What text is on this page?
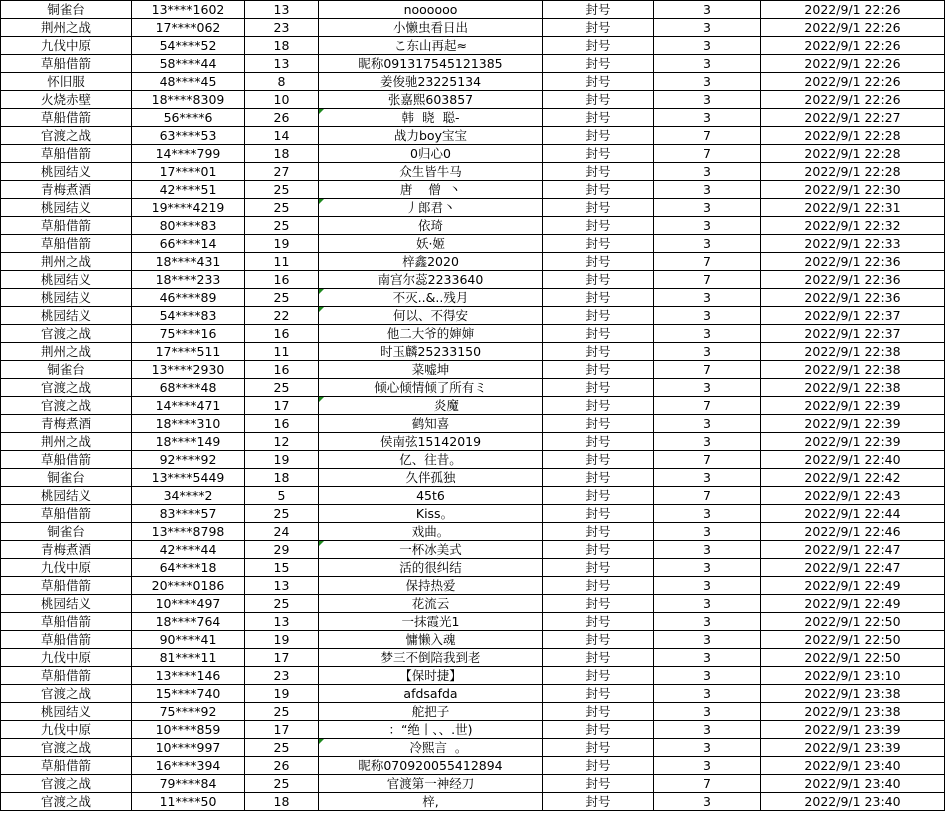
铜雀台	13****1602	13	noooooo	封号	3	2022/9/1 22:26
荆州之战	17****062	23	小懒虫看日出	封号	3	2022/9/1 22:26
九伐中原	54****52	18	こ东山再起≈	封号	3	2022/9/1 22:26
草船借箭	58****44	13	昵称091317545121385	封号	3	2022/9/1 22:26
怀旧服	48****45	8	姜俊驰23225134	封号	3	2022/9/1 22:26
火烧赤壁	18****8309	10	张嘉熙603857	封号	3	2022/9/1 22:26
草船借箭	56****6	26	韩  晓  聪-	封号	3	2022/9/1 22:27
官渡之战	63****53	14	战力boy宝宝	封号	7	2022/9/1 22:28
草船借箭	14****799	18	0归心0	封号	7	2022/9/1 22:28
桃园结义	17****01	27	众生皆牛马	封号	3	2022/9/1 22:28
青梅煮酒	42****51	25	唐    僧  丶	封号	3	2022/9/1 22:30
桃园结义	19****4219	25	丿郎君丶	封号	3	2022/9/1 22:31
草船借箭	80****83	25	依琦	封号	3	2022/9/1 22:32
草船借箭	66****14	19	妖·姬	封号	3	2022/9/1 22:33
荆州之战	18****431	11	梓鑫2020	封号	7	2022/9/1 22:36
桃园结义	18****233	16	南宫尔蕊2233640	封号	7	2022/9/1 22:36
桃园结义	46****89	25	不灭..&..残月	封号	3	2022/9/1 22:36
桃园结义	54****83	22	何以、不得安	封号	3	2022/9/1 22:37
官渡之战	75****16	16	他二大爷的婶婶	封号	3	2022/9/1 22:37
荆州之战	17****511	11	时玉麟25233150	封号	3	2022/9/1 22:38
铜雀台	13****2930	16	菜嘘坤	封号	7	2022/9/1 22:38
官渡之战	68****48	25	倾心倾情倾了所有ミ	封号	3	2022/9/1 22:38
官渡之战	14****471	17	炎魔	封号	7	2022/9/1 22:39
青梅煮酒	18****310	16	鹤知喜	封号	3	2022/9/1 22:39
荆州之战	18****149	12	侯南弦15142019	封号	3	2022/9/1 22:39
草船借箭	92****92	19	亿、往昔。	封号	7	2022/9/1 22:40
铜雀台	13****5449	18	久伴孤独	封号	3	2022/9/1 22:42
桃园结义	34****2	5	45t6	封号	7	2022/9/1 22:43
草船借箭	83****57	25	Kiss。	封号	3	2022/9/1 22:44
铜雀台	13****8798	24	戏曲。	封号	3	2022/9/1 22:46
青梅煮酒	42****44	29	一杯冰美式	封号	3	2022/9/1 22:47
九伐中原	64****18	15	活的很纠结	封号	3	2022/9/1 22:47
草船借箭	20****0186	13	保持热爱	封号	3	2022/9/1 22:49
桃园结义	10****497	25	花流云	封号	3	2022/9/1 22:49
草船借箭	18****764	13	一抹霞光1	封号	3	2022/9/1 22:50
草船借箭	90****41	19	慵懒入魂	封号	3	2022/9/1 22:50
九伐中原	81****11	17	梦三不倒陪我到老	封号	3	2022/9/1 22:50
草船借箭	13****146	23	【保时捷】	封号	3	2022/9/1 23:10
官渡之战	15****740	19	afdsafda	封号	3	2022/9/1 23:38
桃园结义	75****92	25	舵把子	封号	3	2022/9/1 23:38
九伐中原	10****859	17	：“绝丨、、.世)	封号	3	2022/9/1 23:39
官渡之战	10****997	25	冷熙言  。	封号	3	2022/9/1 23:39
草船借箭	16****394	26	昵称070920055412894	封号	3	2022/9/1 23:40
官渡之战	79****84	25	官渡第一神经刀	封号	7	2022/9/1 23:40
官渡之战	11****50	18	梓,	封号	3	2022/9/1 23:40
